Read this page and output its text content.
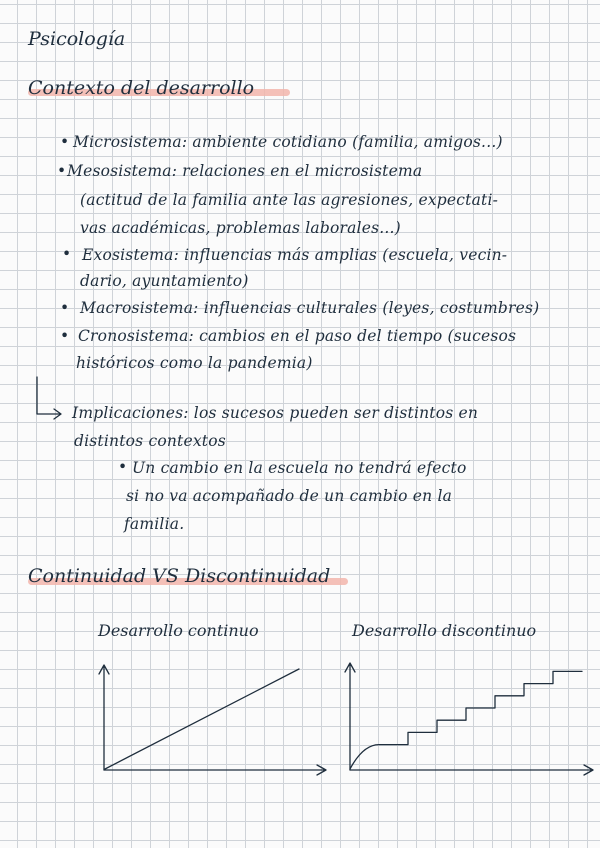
Psicología
Contexto del desarrollo
• Microsistema: ambiente cotidiano (familia, amigos...)
• Mesosistema: relaciones en el microsistema
(actitud de la familia ante las agresiones, expectati-
vas académicas, problemas laborales...)
• Exosistema: influencias más amplias (escuela, vecin-
dario, ayuntamiento)
• Macrosistema: influencias culturales (leyes, costumbres)
• Cronosistema: cambios en el paso del tiempo (sucesos
históricos como la pandemia)
Implicaciones: los sucesos pueden ser distintos en
distintos contextos
• Un cambio en la escuela no tendrá efecto
si no va acompañado de un cambio en la
familia.
Continuidad VS Discontinuidad
Desarrollo continuo	Desarrollo discontinuo
